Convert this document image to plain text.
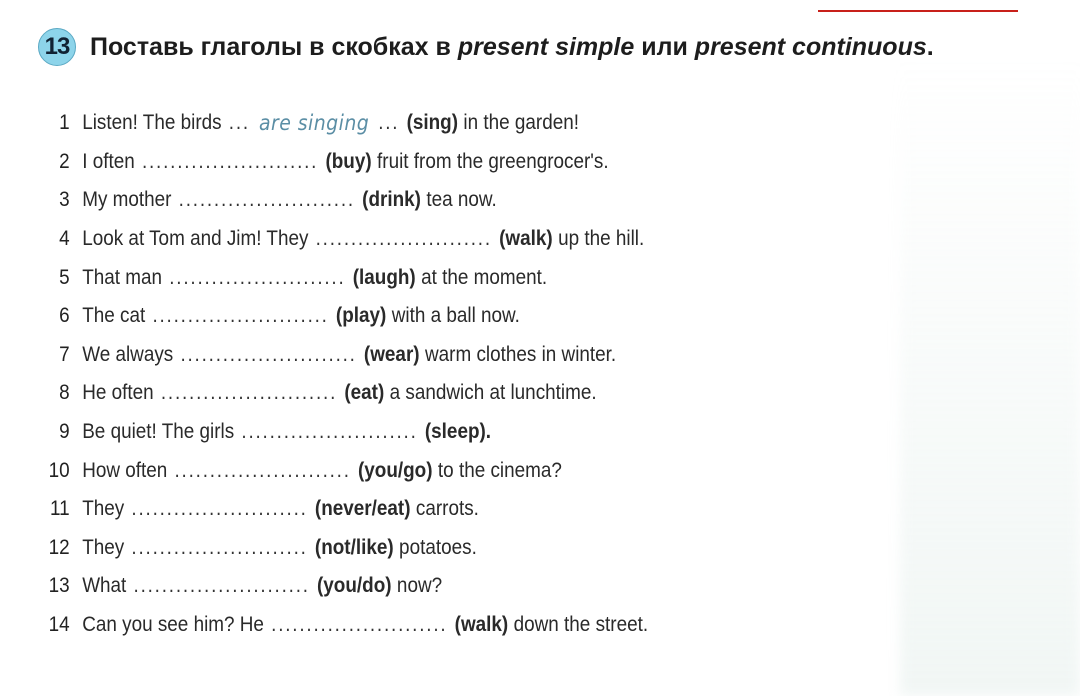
13 Поставь глаголы в скобках в present simple или present continuous.
1 Listen! The birds ... are singing ... (sing) in the garden!
2 I often ......................... (buy) fruit from the greengrocer's.
3 My mother ......................... (drink) tea now.
4 Look at Tom and Jim! They ......................... (walk) up the hill.
5 That man ......................... (laugh) at the moment.
6 The cat ......................... (play) with a ball now.
7 We always ......................... (wear) warm clothes in winter.
8 He often ......................... (eat) a sandwich at lunchtime.
9 Be quiet! The girls ......................... (sleep).
10 How often ......................... (you/go) to the cinema?
11 They ......................... (never/eat) carrots.
12 They ......................... (not/like) potatoes.
13 What ......................... (you/do) now?
14 Can you see him? He ......................... (walk) down the street.
